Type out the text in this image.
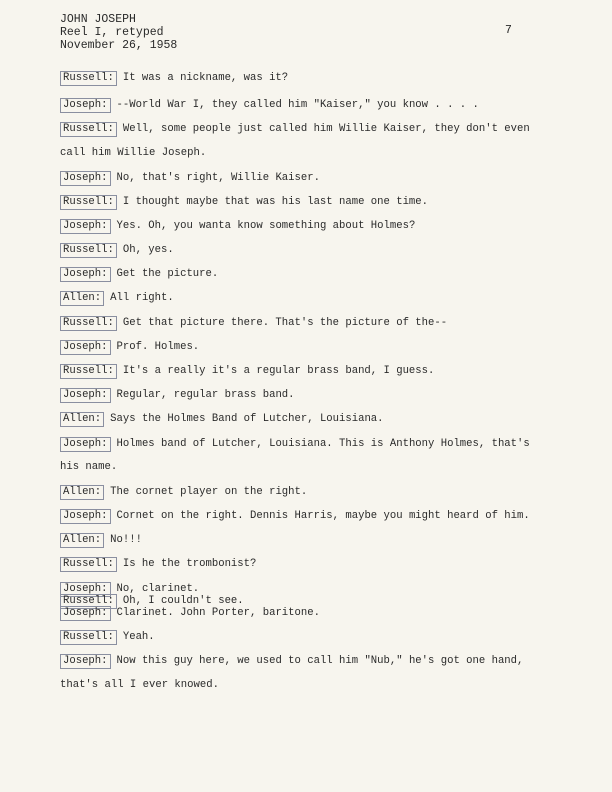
JOHN JOSEPH
Reel I, retyped
November 26, 1958
7
Russell: It was a nickname, was it?
Joseph: --World War I, they called him "Kaiser," you know . . . .
Russell: Well, some people just called him Willie Kaiser, they don't even
call him Willie Joseph.
Joseph: No, that's right, Willie Kaiser.
Russell: I thought maybe that was his last name one time.
Joseph: Yes. Oh, you wanta know something about Holmes?
Russell: Oh, yes.
Joseph: Get the picture.
Allen: All right.
Russell: Get that picture there. That's the picture of the--
Joseph: Prof. Holmes.
Russell: It's a really it's a regular brass band, I guess.
Joseph: Regular, regular brass band.
Allen: Says the Holmes Band of Lutcher, Louisiana.
Joseph: Holmes band of Lutcher, Louisiana. This is Anthony Holmes, that's
his name.
Allen: The cornet player on the right.
Joseph: Cornet on the right. Dennis Harris, maybe you might heard of him.
Allen: No!!!
Russell: Is he the trombonist?
Joseph: No, clarinet.
Russell: Oh, I couldn't see.
Joseph: Clarinet. John Porter, baritone.
Russell: Yeah.
Joseph: Now this guy here, we used to call him "Nub," he's got one hand,
that's all I ever knowed.
